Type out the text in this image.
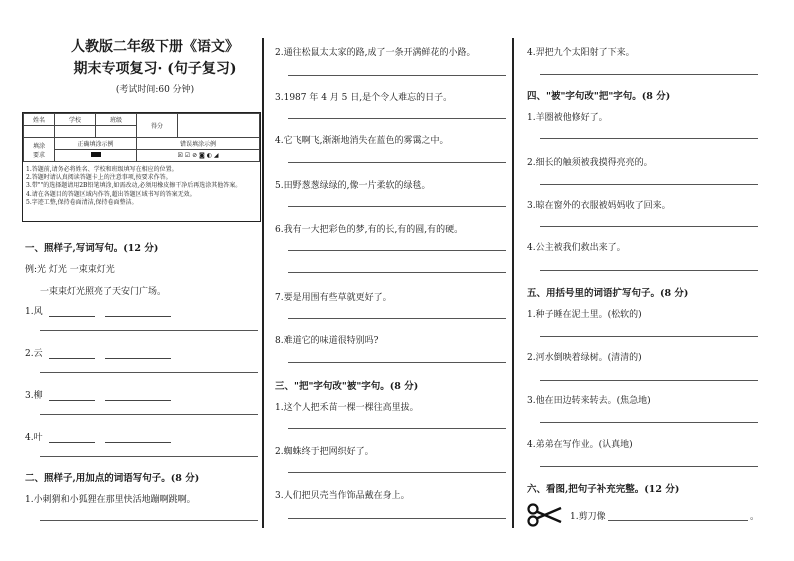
人教版二年级下册《语文》
期末专项复习· (句子复习)
(考试时间:60 分钟)
姓名	学校	班级	得分	

填涂
要求	正确填涂示例		错误填涂示例	
			☒ ☑ ⊘ ◙ ◐ ◢	
1.答题前,请务必将姓名、学校和班级填写在相应的位置。
2.答题时请认真阅读答题卡上的注意事项,按要求作答。
3.带""的选择题请用2B铅笔填涂,如需改动,必须用橡皮擦干净后再选涂其他答案。
4.请在各题目的答题区域内作答,超出答题区域书写的答案无效。
5.字迹工整,保持卷面清洁,保持卷面整洁。
一、照样子,写词写句。(12 分)
例:光 灯光 一束束灯光
一束束灯光照亮了天安门广场。
1.风
2.云
3.柳
4.叶
二、照样子,用加点的词语写句子。(8 分)
1.小刺猬和小狐狸在那里快活地蹦啊跳啊。
2.通往松鼠太太家的路,成了一条开满鲜花的小路。
3.1987 年 4 月 5 日,是个令人难忘的日子。
4.它飞啊飞,渐渐地消失在蓝色的雾霭之中。
5.田野葱葱绿绿的,像一片柔软的绿毯。
6.我有一大把彩色的梦,有的长,有的圆,有的硬。
7.要是用围有些草就更好了。
8.难道它的味道很特别吗?
三、"把"字句改"被"字句。(8 分)
1.这个人把禾苗一棵一棵往高里拔。
2.蜘蛛终于把网织好了。
3.人们把贝壳当作饰品戴在身上。
4.羿把九个太阳射了下来。
四、"被"字句改"把"字句。(8 分)
1.羊圈被他修好了。
2.细长的触须被我摸得亮亮的。
3.晾在窗外的衣服被妈妈收了回来。
4.公主被我们救出来了。
五、用括号里的词语扩写句子。(8 分)
1.种子睡在泥土里。(松软的)
2.河水倒映着绿树。(清清的)
3.他在田边转来转去。(焦急地)
4.弟弟在写作业。(认真地)
六、看图,把句子补充完整。(12 分)
1.剪刀像	。
